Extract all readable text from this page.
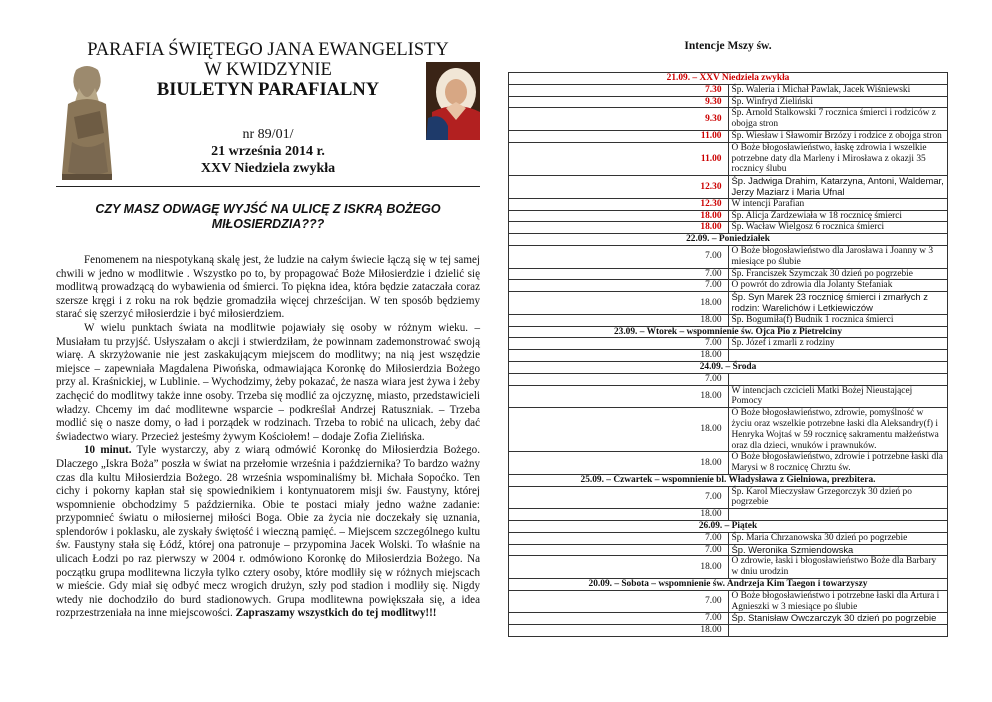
PARAFIA ŚWIĘTEGO JANA EWANGELISTY
W KWIDZYNIE
BIULETYN PARAFIALNY
nr 89/01/
21 września 2014 r.
XXV Niedziela zwykła
CZY MASZ ODWAGĘ WYJŚĆ NA ULICĘ Z ISKRĄ BOŻEGO MIŁOSIERDZIA???

Fenomenem na niespotykaną skalę jest, że ludzie na całym świecie łączą się w tej samej chwili w jedno w modlitwie . Wszystko po to, by propagować Boże Miłosierdzie i dzielić się modlitwą prowadzącą do wybawienia od śmierci. To piękna idea, która będzie zataczała coraz szersze kręgi i z roku na rok będzie gromadziła więcej chrześcijan. W ten sposób będziemy starać się szerzyć miłosierdzie i być miłosierdziem.

W wielu punktach świata na modlitwie pojawiały się osoby w różnym wieku. – Musiałam tu przyjść. Usłyszałam o akcji i stwierdziłam, że powinnam zademonstrować swoją wiarę. A skrzyżowanie nie jest zaskakującym miejscem do modlitwy; na nią jest wszędzie miejsce – zapewniała Magdalena Piwońska, odmawiająca Koronkę do Miłosierdzia Bożego przy al. Kraśnickiej, w Lublinie. – Wychodzimy, żeby pokazać, że nasza wiara jest żywa i żeby zachęcić do modlitwy także inne osoby. Trzeba się modlić za ojczyznę, miasto, przedstawicieli władzy. Chcemy im dać modlitewne wsparcie – podkreślał Andrzej Ratuszniak. – Trzeba modlić się o nasze domy, o ład i porządek w rodzinach. Trzeba to robić na ulicach, żeby dać świadectwo wiary. Przecież jesteśmy żywym Kościołem! – dodaje Zofia Zielińska.

10 minut. Tyle wystarczy, aby z wiarą odmówić Koronkę do Miłosierdzia Bożego. Dlaczego „Iskra Boża” poszła w świat na przełomie września i października? To bardzo ważny czas dla kultu Miłosierdzia Bożego. 28 września wspominaliśmy bł. Michała Sopoćko. Ten cichy i pokorny kapłan stał się spowiednikiem i kontynuatorem misji św. Faustyny, której wspomnienie obchodzimy 5 października. Obie te postaci miały jedno ważne zadanie: przypomnieć światu o miłosiernej miłości Boga. Obie za życia nie doczekały się uznania, splendorów i poklasku, ale zyskały świętość i wieczną pamięć. – Miejscem szczególnego kultu św. Faustyny stała się Łódź, której ona patronuje – przypomina Jacek Wolski. To właśnie na ulicach Łodzi po raz pierwszy w 2004 r. odmówiono Koronkę do Miłosierdzia Bożego. Na początku grupa modlitewna liczyła tylko cztery osoby, które modliły się w różnych miejscach w mieście. Gdy miał się odbyć mecz wrogich drużyn, szły pod stadion i modliły się. Nigdy wtedy nie dochodziło do burd stadionowych. Grupa modlitewna powiększała się, a idea rozprzestrzeniała na inne miejscowości. Zapraszamy wszystkich do tej modlitwy!!!

Intencje Mszy św.
21.09. – XXV Niedziela zwykła	
7.30	Śp. Waleria i Michał Pawlak, Jacek Wiśniewski
9.30	Śp. Winfryd Zieliński
9.30	Śp. Arnold Stalkowski 7 rocznica śmierci i rodziców z obojga stron
11.00	Śp. Wiesław i Sławomir Brzózy i rodzice z obojga stron
11.00	O Boże błogosławieństwo, łaskę zdrowia i wszelkie potrzebne daty dla Marleny i Mirosława z okazji 35 rocznicy ślubu
12.30	Śp. Jadwiga Drahim, Katarzyna, Antoni, Waldemar, Jerzy Maziarz i Maria Ufnal
12.30	W intencji Parafian
18.00	Śp. Alicja Zardzewiała w 18 rocznicę śmierci
18.00	Śp. Wacław Wielgosz 6 rocznica śmierci
22.09. – Poniedziałek	
7.00	O Boże błogosławieństwo dla Jarosława i Joanny w 3 miesiące po ślubie
7.00	Śp. Franciszek Szymczak 30 dzień po pogrzebie
7.00	O powrót do zdrowia dla Jolanty Stefaniak
18.00	Śp. Syn Marek 23 rocznicę śmierci i zmarłych z rodzin: Warelichów i Letkiewiczów
18.00	Śp. Bogumiła(f) Budnik 1 rocznica śmierci
23.09. – Wtorek – wspomnienie św. Ojca Pio z Pietrelciny	
7.00	Śp. Józef i zmarli z rodziny
18.00	
24.09. – Środa	
7.00	
18.00	W intencjach czcicieli Matki Bożej Nieustającej Pomocy
18.00	O Boże błogosławieństwo, zdrowie, pomyślność w życiu oraz wszelkie potrzebne łaski dla Aleksandry(f) i Henryka Wojtaś w 59 rocznicę sakramentu małżeństwa oraz dla dzieci, wnuków i prawnuków.
18.00	O Boże błogosławieństwo, zdrowie i potrzebne łaski dla Marysi w 8 rocznicę Chrztu św.
25.09. – Czwartek – wspomnienie bl. Władysława z Gielniowa, prezbitera.	
7.00	Śp. Karol Mieczysław Grzegorczyk 30 dzień po pogrzebie
18.00	
26.09. – Piątek	
7.00	Śp. Maria Chrzanowska 30 dzień po pogrzebie
7.00	Śp. Weronika Szmiendowska
18.00	O zdrowie, łaski i błogosławieństwo Boże dla Barbary w dniu urodzin
20.09. – Sobota – wspomnienie św. Andrzeja Kim Taegon i towarzyszy	
7.00	O Boże błogosławieństwo i potrzebne łaski dla Artura i Agnieszki w 3 miesiące po ślubie
7.00	Śp. Stanisław Owczarczyk 30 dzień po pogrzebie
18.00	
